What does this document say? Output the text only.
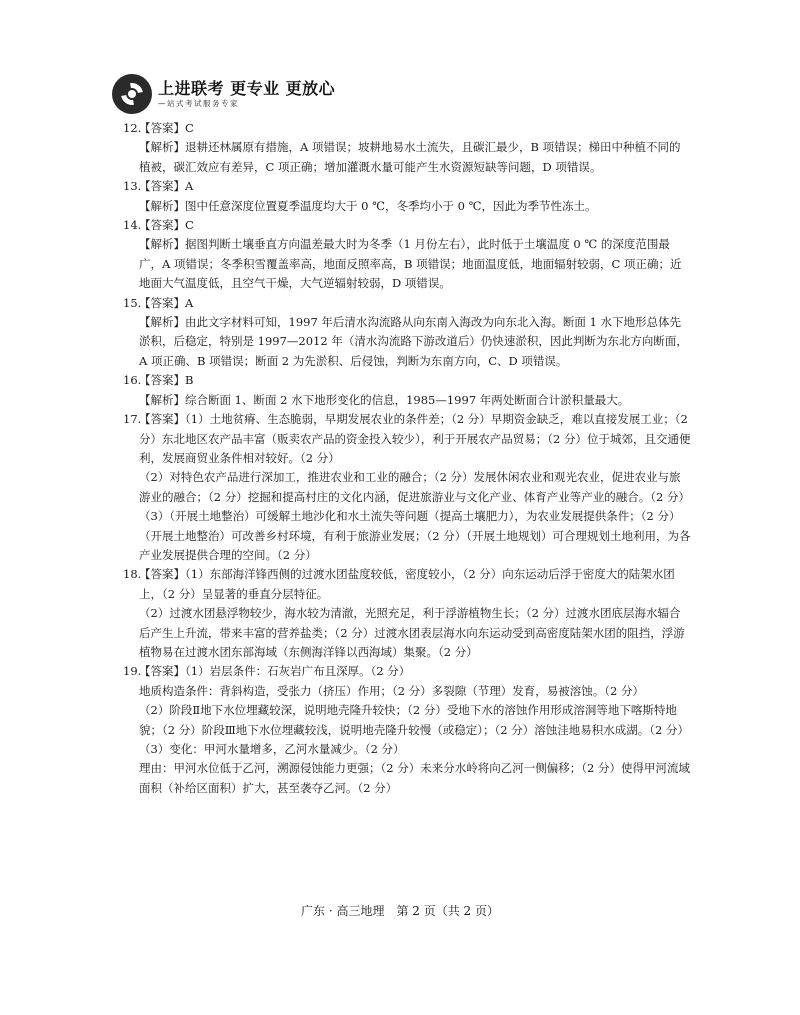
上进联考 更专业 更放心
—站式考试服务专家

12.【答案】C

【解析】退耕还林属原有措施，A 项错误；坡耕地易水土流失，且碳汇最少，B 项错误；梯田中种植不同的植被，碳汇效应有差异，C 项正确；增加灌溉水量可能产生水资源短缺等问题，D 项错误。

13.【答案】A

【解析】图中任意深度位置夏季温度均大于 0 ℃，冬季均小于 0 ℃，因此为季节性冻土。

14.【答案】C

【解析】据图判断土壤垂直方向温差最大时为冬季（1 月份左右），此时低于土壤温度 0 ℃ 的深度范围最广，A 项错误；冬季积雪覆盖率高，地面反照率高，B 项错误；地面温度低，地面辐射较弱，C 项正确；近地面大气温度低，且空气干燥，大气逆辐射较弱，D 项错误。

15.【答案】A

【解析】由此文字材料可知，1997 年后清水沟流路从向东南入海改为向东北入海。断面 1 水下地形总体先淤积，后稳定，特别是 1997—2012 年（清水沟流路下游改道后）仍快速淤积，因此判断为东北方向断面，A 项正确、B 项错误；断面 2 为先淤积、后侵蚀，判断为东南方向，C、D 项错误。

16.【答案】B

【解析】综合断面 1、断面 2 水下地形变化的信息，1985—1997 年两处断面合计淤积量最大。

17.
【答案】（1）土地贫瘠、生态脆弱，早期发展农业的条件差；（2 分）早期资金缺乏，难以直接发展工业；（2 分）东北地区农产品丰富（贩卖农产品的资金投入较少），利于开展农产品贸易；（2 分）位于城郊，且交通便利，发展商贸业条件相对较好。（2 分）

（2）对特色农产品进行深加工，推进农业和工业的融合；（2 分）发展休闲农业和观光农业，促进农业与旅游业的融合；（2 分）挖掘和提高村庄的文化内涵，促进旅游业与文化产业、体育产业等产业的融合。（2 分）

（3）（开展土地整治）可缓解土地沙化和水土流失等问题（提高土壤肥力），为农业发展提供条件；（2 分）（开展土地整治）可改善乡村环境，有利于旅游业发展；（2 分）（开展土地规划）可合理规划土地利用，为各产业发展提供合理的空间。（2 分）

18.
【答案】（1）东部海洋锋西侧的过渡水团盐度较低，密度较小，（2 分）向东运动后浮于密度大的陆架水团上，（2 分）呈显著的垂直分层特征。

（2）过渡水团悬浮物较少，海水较为清澈，光照充足，利于浮游植物生长；（2 分）过渡水团底层海水辐合后产生上升流，带来丰富的营养盐类；（2 分）过渡水团表层海水向东运动受到高密度陆架水团的阻挡，浮游植物易在过渡水团东部海域（东侧海洋锋以西海域）集聚。（2 分）

19.【答案】（1）岩层条件：石灰岩广布且深厚。（2 分）

地质构造条件：背斜构造，受张力（挤压）作用；（2 分）多裂隙（节理）发育，易被溶蚀。（2 分）

（2）阶段Ⅱ地下水位埋藏较深，说明地壳隆升较快；（2 分）受地下水的溶蚀作用形成溶洞等地下喀斯特地貌；（2 分）阶段Ⅲ地下水位埋藏较浅，说明地壳隆升较慢（或稳定）；（2 分）溶蚀洼地易积水成湖。（2 分）

（3）变化：甲河水量增多，乙河水量减少。（2 分）

理由：甲河水位低于乙河，溯源侵蚀能力更强；（2 分）未来分水岭将向乙河一侧偏移；（2 分）使得甲河流域面积（补给区面积）扩大，甚至袭夺乙河。（2 分）

广东 · 高三地理　第 2 页（共 2 页）
